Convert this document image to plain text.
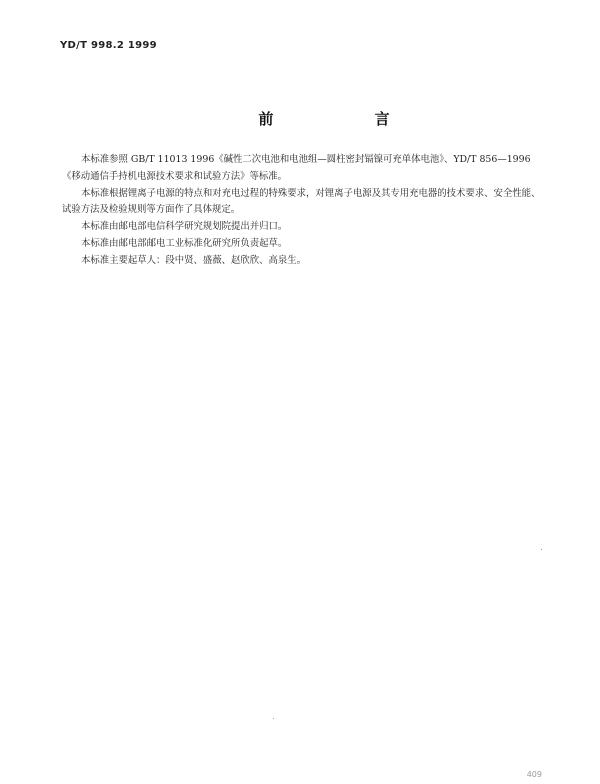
YD/T 998.2 1999
前 言

本标准参照 GB/T 11013 1996《碱性二次电池和电池组—圆柱密封镉镍可充单体电池》、YD/T 856—1996《移动通信手持机电源技术要求和试验方法》等标准。

本标准根据锂离子电源的特点和对充电过程的特殊要求，对锂离子电源及其专用充电器的技术要求、安全性能、试验方法及检验规则等方面作了具体规定。

本标准由邮电部电信科学研究规划院提出并归口。

本标准由邮电部邮电工业标准化研究所负责起草。

本标准主要起草人：段中贤、盛薇、赵欣欣、高泉生。

409
